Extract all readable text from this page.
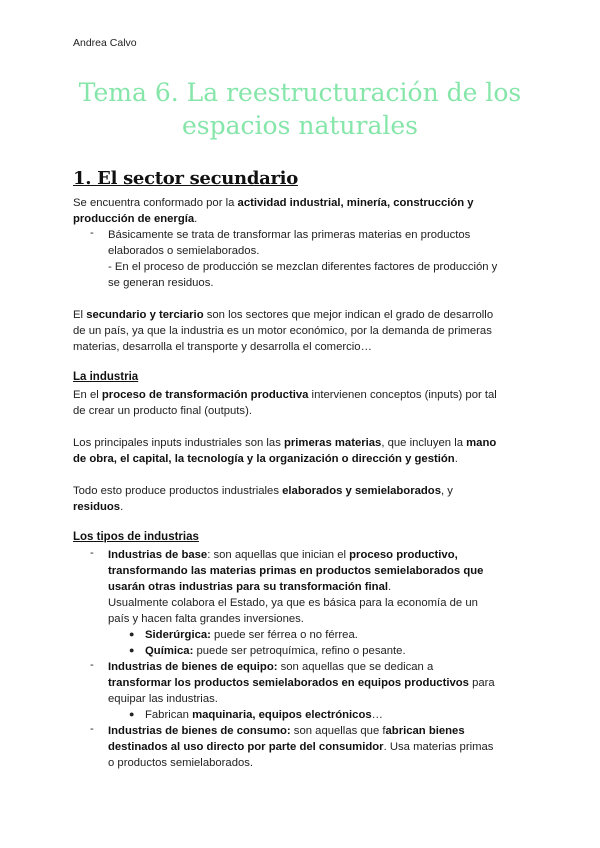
Andrea Calvo
Tema 6. La reestructuración de los
espacios naturales
1. El sector secundario
Se encuentra conformado por la actividad industrial, minería, construcción y
producción de energía.
- Básicamente se trata de transformar las primeras materias en productos
elaborados o semielaborados.
- En el proceso de producción se mezclan diferentes factores de producción y
se generan residuos.
El secundario y terciario son los sectores que mejor indican el grado de desarrollo
de un país, ya que la industria es un motor económico, por la demanda de primeras
materias, desarrolla el transporte y desarrolla el comercio…
La industria
En el proceso de transformación productiva intervienen conceptos (inputs) por tal
de crear un producto final (outputs).
Los principales inputs industriales son las primeras materias, que incluyen la mano
de obra, el capital, la tecnología y la organización o dirección y gestión.
Todo esto produce productos industriales elaborados y semielaborados, y
residuos.
Los tipos de industrias
- Industrias de base: son aquellas que inician el proceso productivo,
transformando las materias primas en productos semielaborados que
usarán otras industrias para su transformación final.
Usualmente colabora el Estado, ya que es básica para la economía de un
país y hacen falta grandes inversiones.
● Siderúrgica: puede ser férrea o no férrea.
● Química: puede ser petroquímica, refino o pesante.
- Industrias de bienes de equipo: son aquellas que se dedican a
transformar los productos semielaborados en equipos productivos para
equipar las industrias.
● Fabrican maquinaria, equipos electrónicos…
- Industrias de bienes de consumo: son aquellas que fabrican bienes
destinados al uso directo por parte del consumidor. Usa materias primas
o productos semielaborados.
